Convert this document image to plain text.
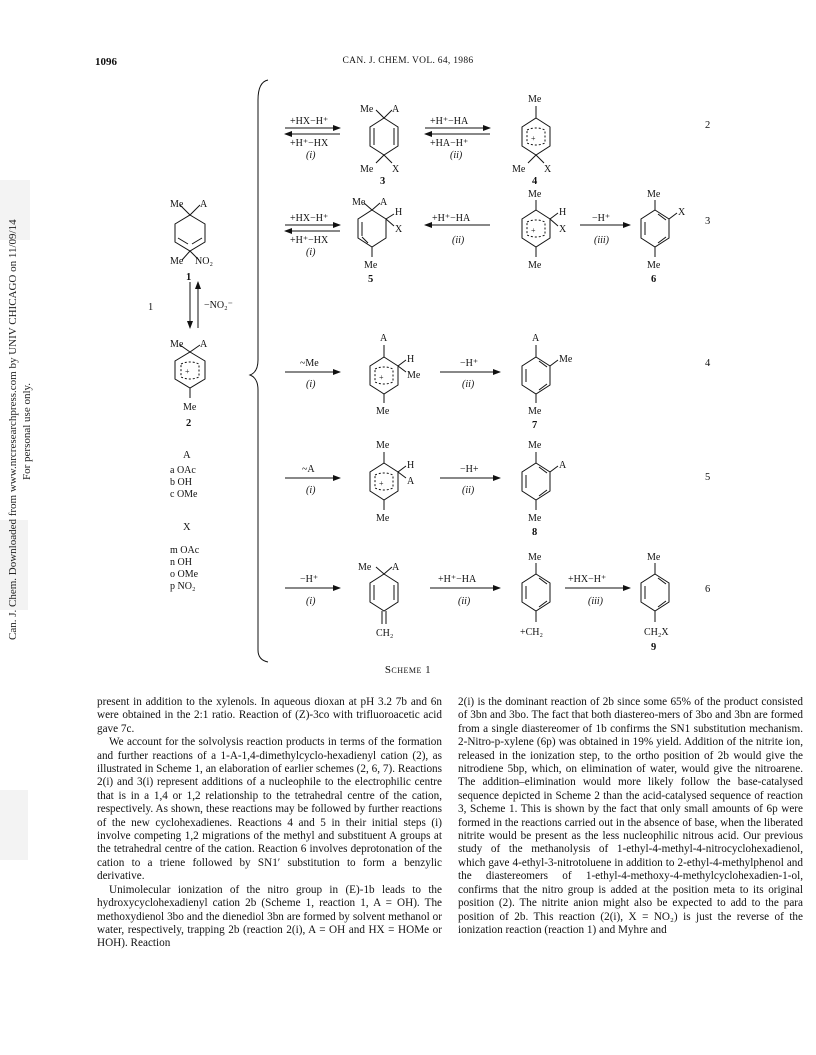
1096	CAN. J. CHEM. VOL. 64, 1986
Can. J. Chem. Downloaded from www.nrcresearchpress.com by UNIV CHICAGO on 11/09/14 For personal use only.
2
3
4
5
6
1
Me A
Me NO₂
1
−NO₂⁻
Me A
+
Me
2
A
a OAc
b OH
c OMe
X
m OAc
n OH
o OMe
p NO₂
+HX−H⁺
+H⁺−HX
(i)
Me A
Me X
3
+H⁺−HA
+HA−H⁺
(ii)
Me
+
Me X
4
+HX−H⁺
+H⁺−HX
(i)
Me A
H
X
Me
5
+H⁺−HA
(ii)
Me
+
H
X
Me
−H⁺
(iii)
Me
X
Me
6
~Me
(i)
A
+
H
Me
Me
−H⁺
(ii)
A
Me
Me
7
~A
(i)
Me
+
H
A
Me
−H+
(ii)
Me
A
Me
8
−H⁺
(i)
Me A
CH₂
+H⁺−HA
(ii)
Me
+CH₂
+HX−H⁺
(iii)
Me
CH₂X
9
Scheme 1

present in addition to the xylenols. In aqueous dioxan at pH 3.2 7b and 6n were obtained in the 2:1 ratio. Reaction of (Z)-3co with trifluoroacetic acid gave 7c.

We account for the solvolysis reaction products in terms of the formation and further reactions of a 1-A-1,4-dimethylcyclo-hexadienyl cation (2), as illustrated in Scheme 1, an elaboration of earlier schemes (2, 6, 7). Reactions 2(i) and 3(i) represent additions of a nucleophile to the electrophilic centre that is in a 1,4 or 1,2 relationship to the tetrahedral centre of the cation, respectively. As shown, these reactions may be followed by further reactions of the new cyclohexadienes. Reactions 4 and 5 in their initial steps (i) involve competing 1,2 migrations of the methyl and substituent A groups at the tetrahedral centre of the cation. Reaction 6 involves deprotonation of the cation to a triene followed by SN1′ substitution to form a benzylic derivative.

Unimolecular ionization of the nitro group in (E)-1b leads to the hydroxycyclohexadienyl cation 2b (Scheme 1, reaction 1, A = OH). The methoxydienol 3bo and the dienediol 3bn are formed by solvent methanol or water, respectively, trapping 2b (reaction 2(i), A = OH and HX = HOMe or HOH). Reaction

2(i) is the dominant reaction of 2b since some 65% of the product consisted of 3bn and 3bo. The fact that both diastereo-mers of 3bo and 3bn are formed from a single diastereomer of 1b confirms the SN1 substitution mechanism. 2-Nitro-p-xylene (6p) was obtained in 19% yield. Addition of the nitrite ion, released in the ionization step, to the ortho position of 2b would give the nitrodiene 5bp, which, on elimination of water, would give the nitroarene. The addition–elimination would more likely follow the base-catalysed sequence depicted in Scheme 2 than the acid-catalysed sequence of reaction 3, Scheme 1. This is shown by the fact that only small amounts of 6p were formed in the reactions carried out in the absence of base, when the liberated nitrite would be present as the less nucleophilic nitrous acid. Our previous study of the methanolysis of 1-ethyl-4-methyl-4-nitrocyclohexadienol, which gave 4-ethyl-3-nitrotoluene in addition to 2-ethyl-4-methylphenol and the diastereomers of 1-ethyl-4-methoxy-4-methylcyclohexadien-1-ol, confirms that the nitro group is added at the position meta to its original position (2). The nitrite anion might also be expected to add to the para position of 2b. This reaction (2(i), X = NO₂) is just the reverse of the ionization reaction (reaction 1) and Myhre and
